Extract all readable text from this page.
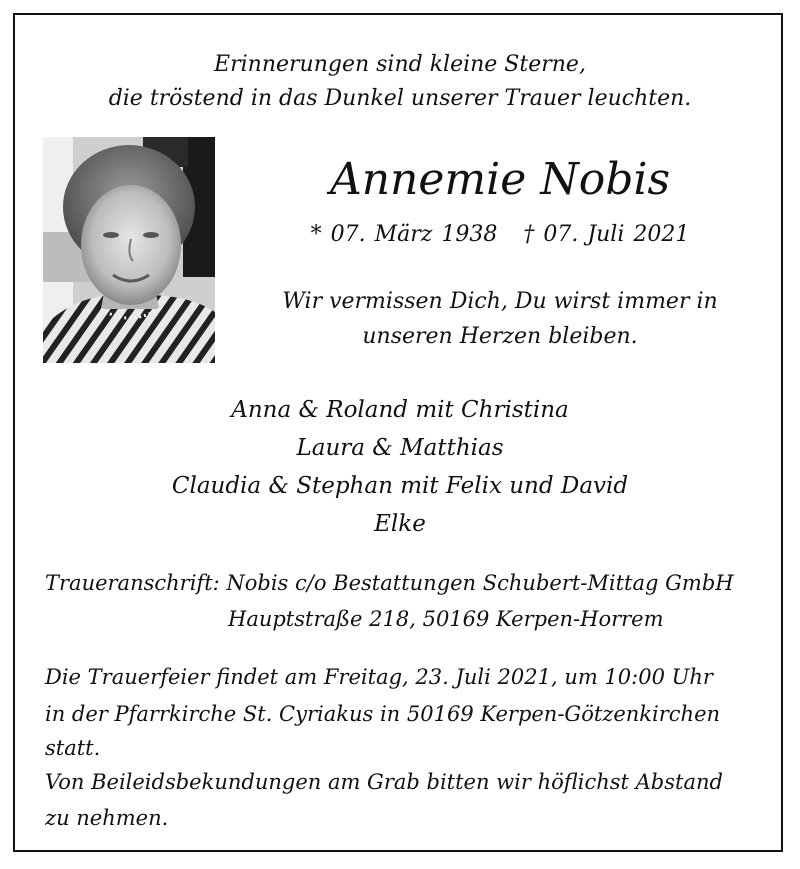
Erinnerungen sind kleine Sterne,
die tröstend in das Dunkel unserer Trauer leuchten.
Annemie Nobis
* 07. März 1938 † 07. Juli 2021
Wir vermissen Dich, Du wirst immer in
unseren Herzen bleiben.
Anna & Roland mit Christina
Laura & Matthias
Claudia & Stephan mit Felix und David
Elke
Traueranschrift: Nobis c/o Bestattungen Schubert-Mittag GmbH
Hauptstraße 218, 50169 Kerpen-Horrem
Die Trauerfeier findet am Freitag, 23. Juli 2021, um 10:00 Uhr
in der Pfarrkirche St. Cyriakus in 50169 Kerpen-Götzenkirchen
statt.
Von Beileidsbekundungen am Grab bitten wir höflichst Abstand
zu nehmen.
